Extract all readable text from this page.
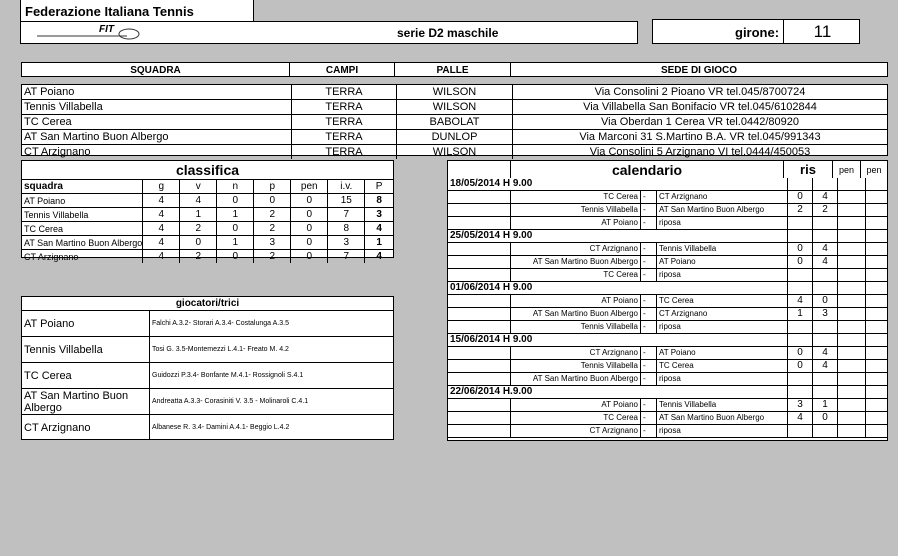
Federazione Italiana Tennis
FIT	serie D2 maschile	girone:	11
SQUADRA	CAMPI	PALLE	SEDE DI GIOCO
AT Poiano	TERRA	WILSON	Via Consolini 2 Pioano VR tel.045/8700724
Tennis Villabella	TERRA	WILSON	Via Villabella San Bonifacio VR tel.045/6102844
TC Cerea	TERRA	BABOLAT	Via Oberdan 1 Cerea VR tel.0442/80920
AT San Martino Buon Albergo	TERRA	DUNLOP	Via Marconi 31 S.Martino B.A. VR tel.045/991343
CT Arzignano	TERRA	WILSON	Via Consolini 5 Arzignano VI tel.0444/450053
classifica
squadra	g	v	n	p	pen	i.v.	P
AT Poiano	4	4	0	0	0	15	8
Tennis Villabella	4	1	1	2	0	7	3
TC Cerea	4	2	0	2	0	8	4
AT San Martino Buon Albergo	4	0	1	3	0	3	1
CT Arzignano	4	2	0	2	0	7	4
giocatori/trici
AT Poiano	Falchi A.3.2- Storari A.3.4- Costalunga A.3.5
Tennis Villabella	Tosi G. 3.5-Montemezzi L.4.1- Freato M. 4.2
TC Cerea	Guidozzi P.3.4- Bonfante M.4.1- Rossignoli S.4.1
AT San Martino Buon Albergo	Andreatta A.3.3- Corasiniti V. 3.5 - Molinaroli C.4.1
CT Arzignano	Albanese R. 3.4- Damini A.4.1- Beggio L.4.2
	calendario	ris	pen	pen
18/05/2014 H 9.00							
	TC Cerea	-	CT Arzignano	0	4		
	Tennis Villabella	-	AT San Martino Buon Albergo	2	2		
	AT Poiano	-	riposa				
25/05/2014 H 9.00							
	CT Arzignano	-	Tennis Villabella	0	4		
	AT San Martino Buon Albergo	-	AT Poiano	0	4		
	TC Cerea	-	riposa				
01/06/2014 H 9.00							
	AT Poiano	-	TC Cerea	4	0		
	AT San Martino Buon Albergo	-	CT Arzignano	1	3		
	Tennis Villabella	-	riposa				
15/06/2014 H 9.00							
	CT Arzignano	-	AT Poiano	0	4		
	Tennis Villabella	-	TC Cerea	0	4		
	AT San Martino Buon Albergo	-	riposa				
22/06/2014 H.9.00							
	AT Poiano	-	Tennis Villabella	3	1		
	TC Cerea	-	AT San Martino Buon Albergo	4	0		
	CT Arzignano	-	riposa				
